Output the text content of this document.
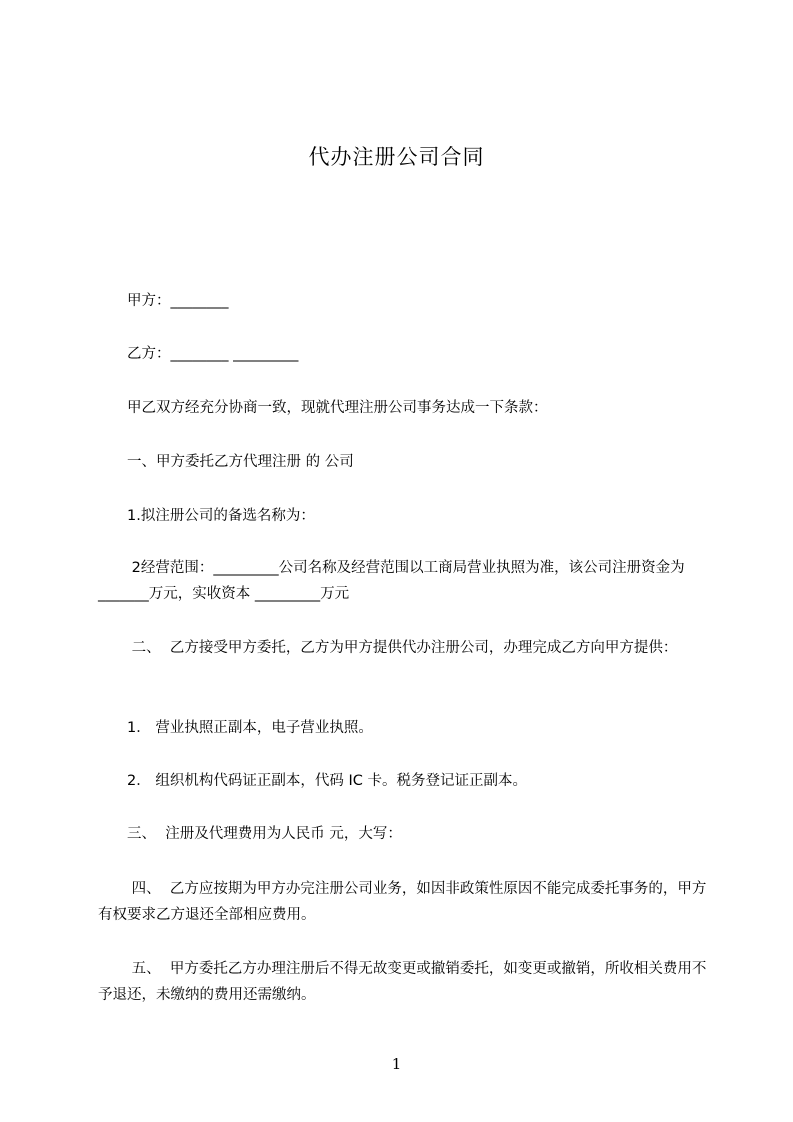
代办注册公司合同
　　甲方：________
　　乙方：________ _________
　　甲乙双方经充分协商一致，现就代理注册公司事务达成一下条款：
　　一、甲方委托乙方代理注册 的 公司
　　1.拟注册公司的备选名称为：
　　 2经营范围：_________公司名称及经营范围以工商局营业执照为准，该公司注册资金为 _______万元，实收资本 _________万元
　　 二、  乙方接受甲方委托，乙方为甲方提供代办注册公司，办理完成乙方向甲方提供：
　　1． 营业执照正副本，电子营业执照。
　　2． 组织机构代码证正副本，代码 IC 卡。税务登记证正副本。
　　三、  注册及代理费用为人民币 元，大写：
　　 四、  乙方应按期为甲方办完注册公司业务，如因非政策性原因不能完成委托事务的，甲方有权要求乙方退还全部相应费用。
　　 五、  甲方委托乙方办理注册后不得无故变更或撤销委托，如变更或撤销，所收相关费用不予退还，未缴纳的费用还需缴纳。
1
